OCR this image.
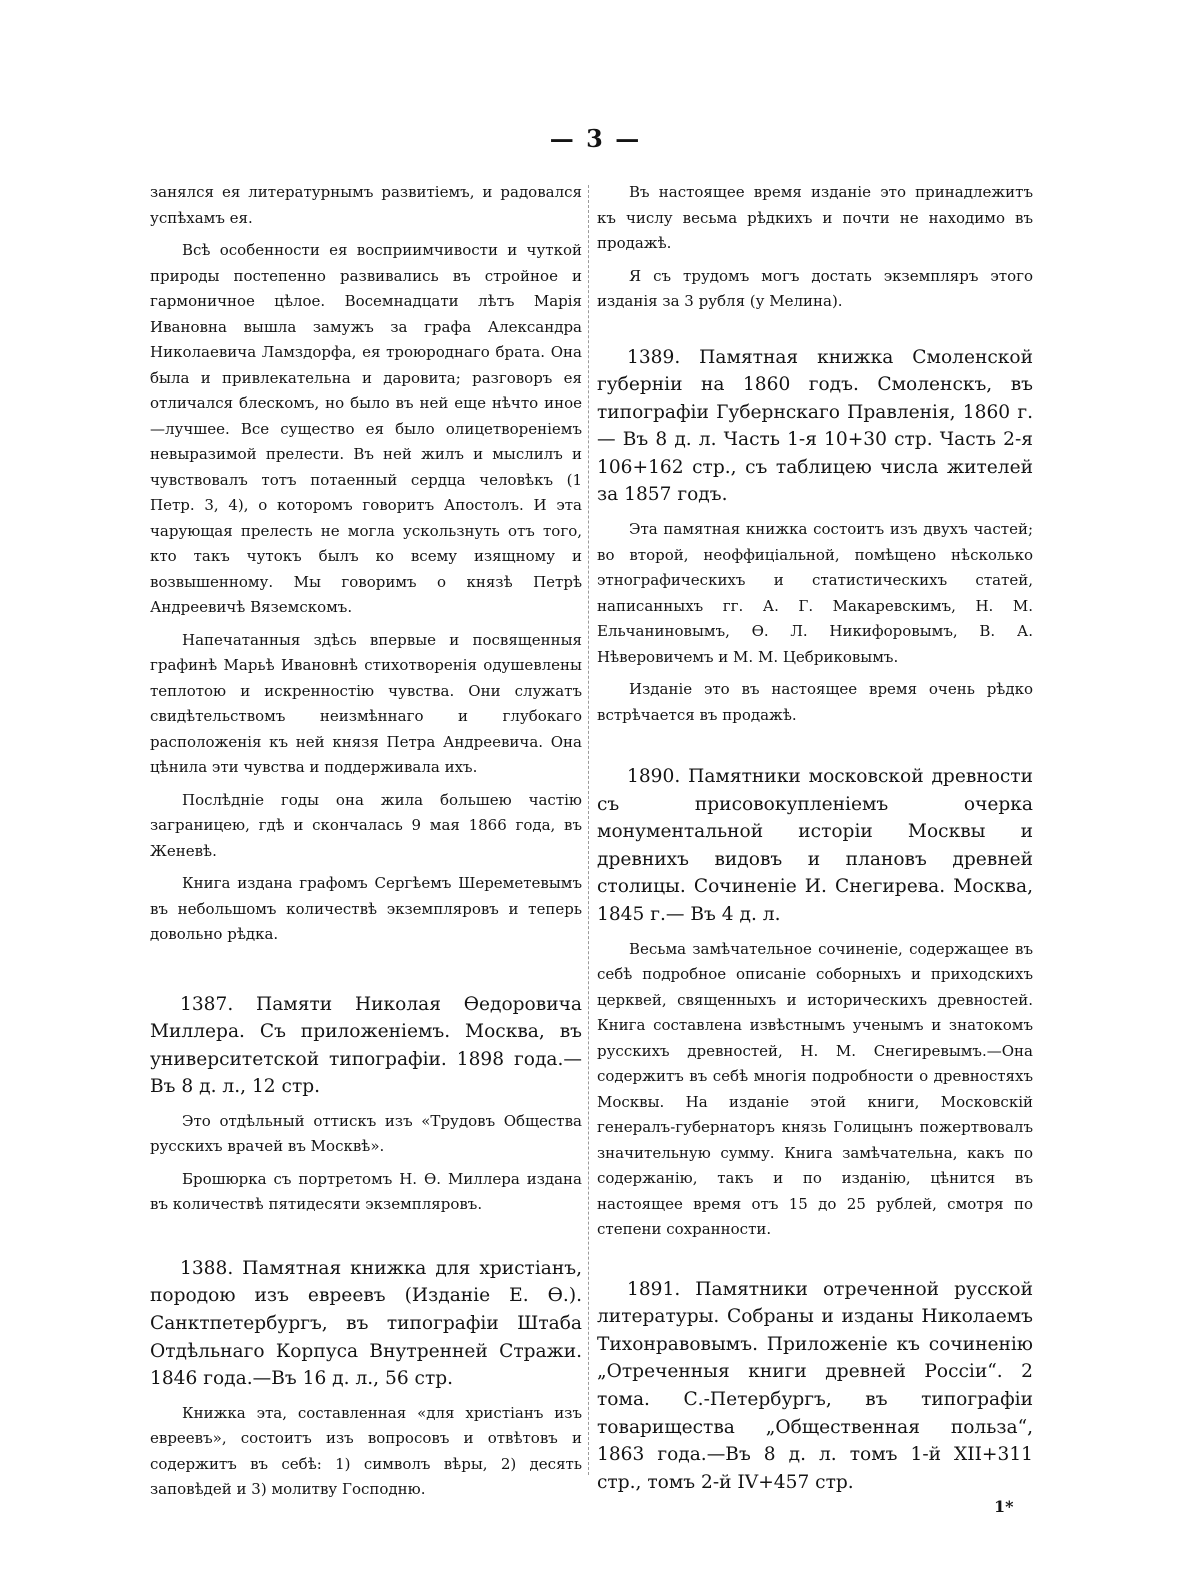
— 3 —

занялся ея литературнымъ развитіемъ, и радовался успѣхамъ ея.

Всѣ особенности ея восприимчивости и чуткой природы постепенно развивались въ стройное и гармоничное цѣлое. Восемнадцати лѣтъ Марія Ивановна вышла замужъ за графа Александра Николаевича Ламздорфа, ея троюроднаго брата. Она была и привлекательна и даровита; разговоръ ея отличался блескомъ, но было въ ней еще нѣчто иное—лучшее. Все существо ея было олицетвореніемъ невыразимой прелести. Въ ней жилъ и мыслилъ и чувствовалъ тотъ потаенный сердца человѣкъ (1 Петр. 3, 4), о которомъ говоритъ Апостолъ. И эта чарующая прелесть не могла ускользнуть отъ того, кто такъ чутокъ былъ ко всему изящному и возвышенному. Мы говоримъ о князѣ Петрѣ Андреевичѣ Вяземскомъ.

Напечатанныя здѣсь впервые и посвященныя графинѣ Марьѣ Ивановнѣ стихотворенія одушевлены теплотою и искренностію чувства. Они служатъ свидѣтельствомъ неизмѣннаго и глубокаго расположенія къ ней князя Петра Андреевича. Она цѣнила эти чувства и поддерживала ихъ.

Послѣдніе годы она жила большею частію заграницею, гдѣ и скончалась 9 мая 1866 года, въ Женевѣ.

Книга издана графомъ Сергѣемъ Шереметевымъ въ небольшомъ количествѣ экземпляровъ и теперь довольно рѣдка.

1387. Памяти Николая Ѳедоровича Миллера. Съ приложеніемъ. Москва, въ университетской типографіи. 1898 года.— Въ 8 д. л., 12 стр.

Это отдѣльный оттискъ изъ «Трудовъ Общества русскихъ врачей въ Москвѣ».

Брошюрка съ портретомъ Н. Ѳ. Миллера издана въ количествѣ пятидесяти экземпляровъ.

1388. Памятная книжка для христіанъ, породою изъ евреевъ (Изданіе Е. Ѳ.). Санктпетербургъ, въ типографіи Штаба Отдѣльнаго Корпуса Внутренней Стражи. 1846 года.—Въ 16 д. л., 56 стр.

Книжка эта, составленная «для христіанъ изъ евреевъ», состоитъ изъ вопросовъ и отвѣтовъ и содержитъ въ себѣ: 1) символъ вѣры, 2) десять заповѣдей и 3) молитву Господню.

Въ настоящее время изданіе это принадлежитъ къ числу весьма рѣдкихъ и почти не находимо въ продажѣ.

Я съ трудомъ могъ достать экземпляръ этого изданія за 3 рубля (у Мелина).

1389. Памятная книжка Смоленской губерніи на 1860 годъ. Смоленскъ, въ типографіи Губернскаго Правленія, 1860 г.— Въ 8 д. л. Часть 1-я 10+30 стр. Часть 2-я 106+162 стр., съ таблицею числа жителей за 1857 годъ.

Эта памятная книжка состоитъ изъ двухъ частей; во второй, неоффиціальной, помѣщено нѣсколько этнографическихъ и статистическихъ статей, написанныхъ гг. А. Г. Макаревскимъ, Н. М. Ельчаниновымъ, Ѳ. Л. Никифоровымъ, В. А. Нѣверовичемъ и М. М. Цебриковымъ.

Изданіе это въ настоящее время очень рѣдко встрѣчается въ продажѣ.

1890. Памятники московской древности съ присовокупленіемъ очерка монументальной исторіи Москвы и древнихъ видовъ и плановъ древней столицы. Сочиненіе И. Снегирева. Москва, 1845 г.— Въ 4 д. л.

Весьма замѣчательное сочиненіе, содержащее въ себѣ подробное описаніе соборныхъ и приходскихъ церквей, священныхъ и историческихъ древностей. Книга составлена извѣстнымъ ученымъ и знатокомъ русскихъ древностей, Н. М. Снегиревымъ.—Она содержитъ въ себѣ многія подробности о древностяхъ Москвы. На изданіе этой книги, Московскій генералъ-губернаторъ князь Голицынъ пожертвовалъ значительную сумму. Книга замѣчательна, какъ по содержанію, такъ и по изданію, цѣнится въ настоящее время отъ 15 до 25 рублей, смотря по степени сохранности.

1891. Памятники отреченной русской литературы. Собраны и изданы Николаемъ Тихонравовымъ. Приложеніе къ сочиненію „Отреченныя книги древней Россіи“. 2 тома. С.-Петербургъ, въ типографіи товарищества „Общественная польза“, 1863 года.—Въ 8 д. л. томъ 1-й XII+311 стр., томъ 2-й IV+457 стр.

1*
